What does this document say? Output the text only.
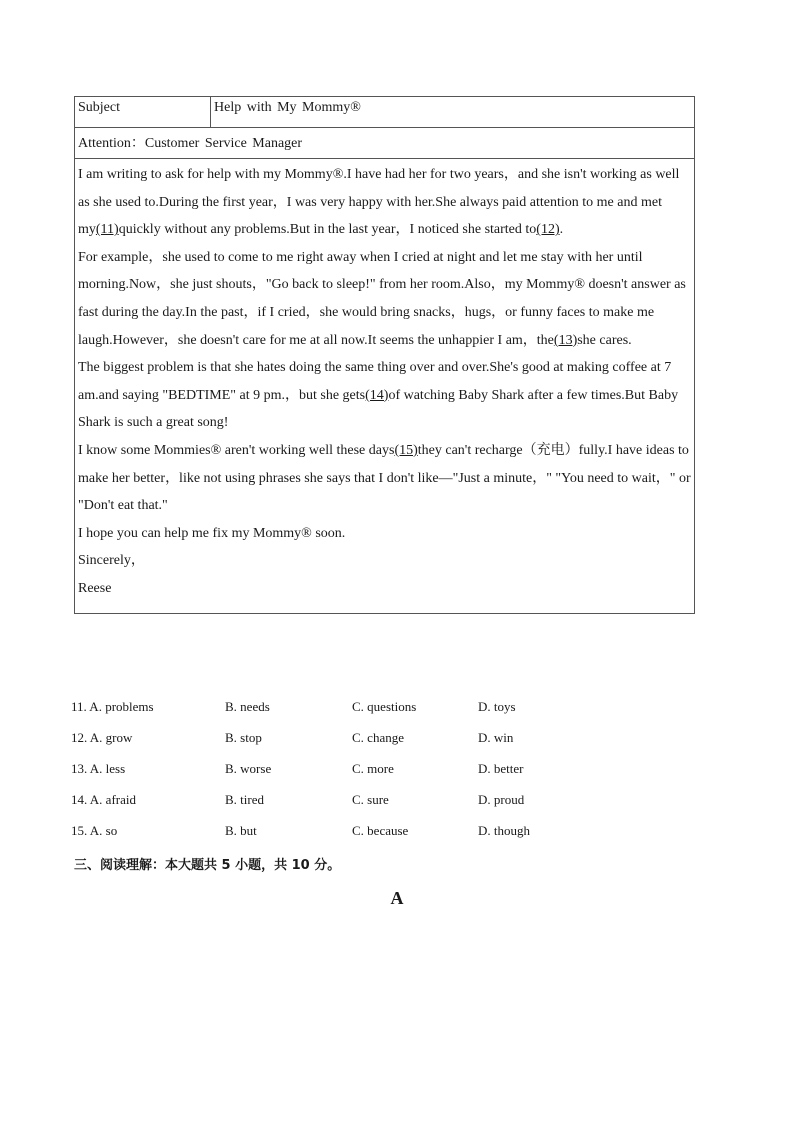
Subject	Help with My Mommy®
Attention：Customer Service Manager

I am writing to ask for help with my Mommy®.I have had her for two years，and she isn't working as well as she used to.During the first year，I was very happy with her.She always paid attention to me and met my(11)quickly without any problems.But in the last year，I noticed she started to(12).

For example，she used to come to me right away when I cried at night and let me stay with her until morning.Now，she just shouts，"Go back to sleep!" from her room.Also，my Mommy® doesn't answer as fast during the day.In the past，if I cried，she would bring snacks，hugs，or funny faces to make me laugh.However，she doesn't care for me at all now.It seems the unhappier I am，the(13)she cares.

The biggest problem is that she hates doing the same thing over and over.She's good at making coffee at 7 am.and saying "BEDTIME" at 9 pm.，but she gets(14)of watching Baby Shark after a few times.But Baby Shark is such a great song!

I know some Mommies® aren't working well these days(15)they can't recharge（充电）fully.I have ideas to make her better，like not using phrases she says that I don't like—"Just a minute，" "You need to wait，" or "Don't eat that."

I hope you can help me fix my Mommy® soon.

Sincerely，

Reese

11. A. problems	B. needs	C. questions	D. toys
12. A. grow	B. stop	C. change	D. win
13. A. less	B. worse	C. more	D. better
14. A. afraid	B. tired	C. sure	D. proud
15. A. so	B. but	C. because	D. though
三、阅读理解：本大题共 5 小题，共 10 分。
A
